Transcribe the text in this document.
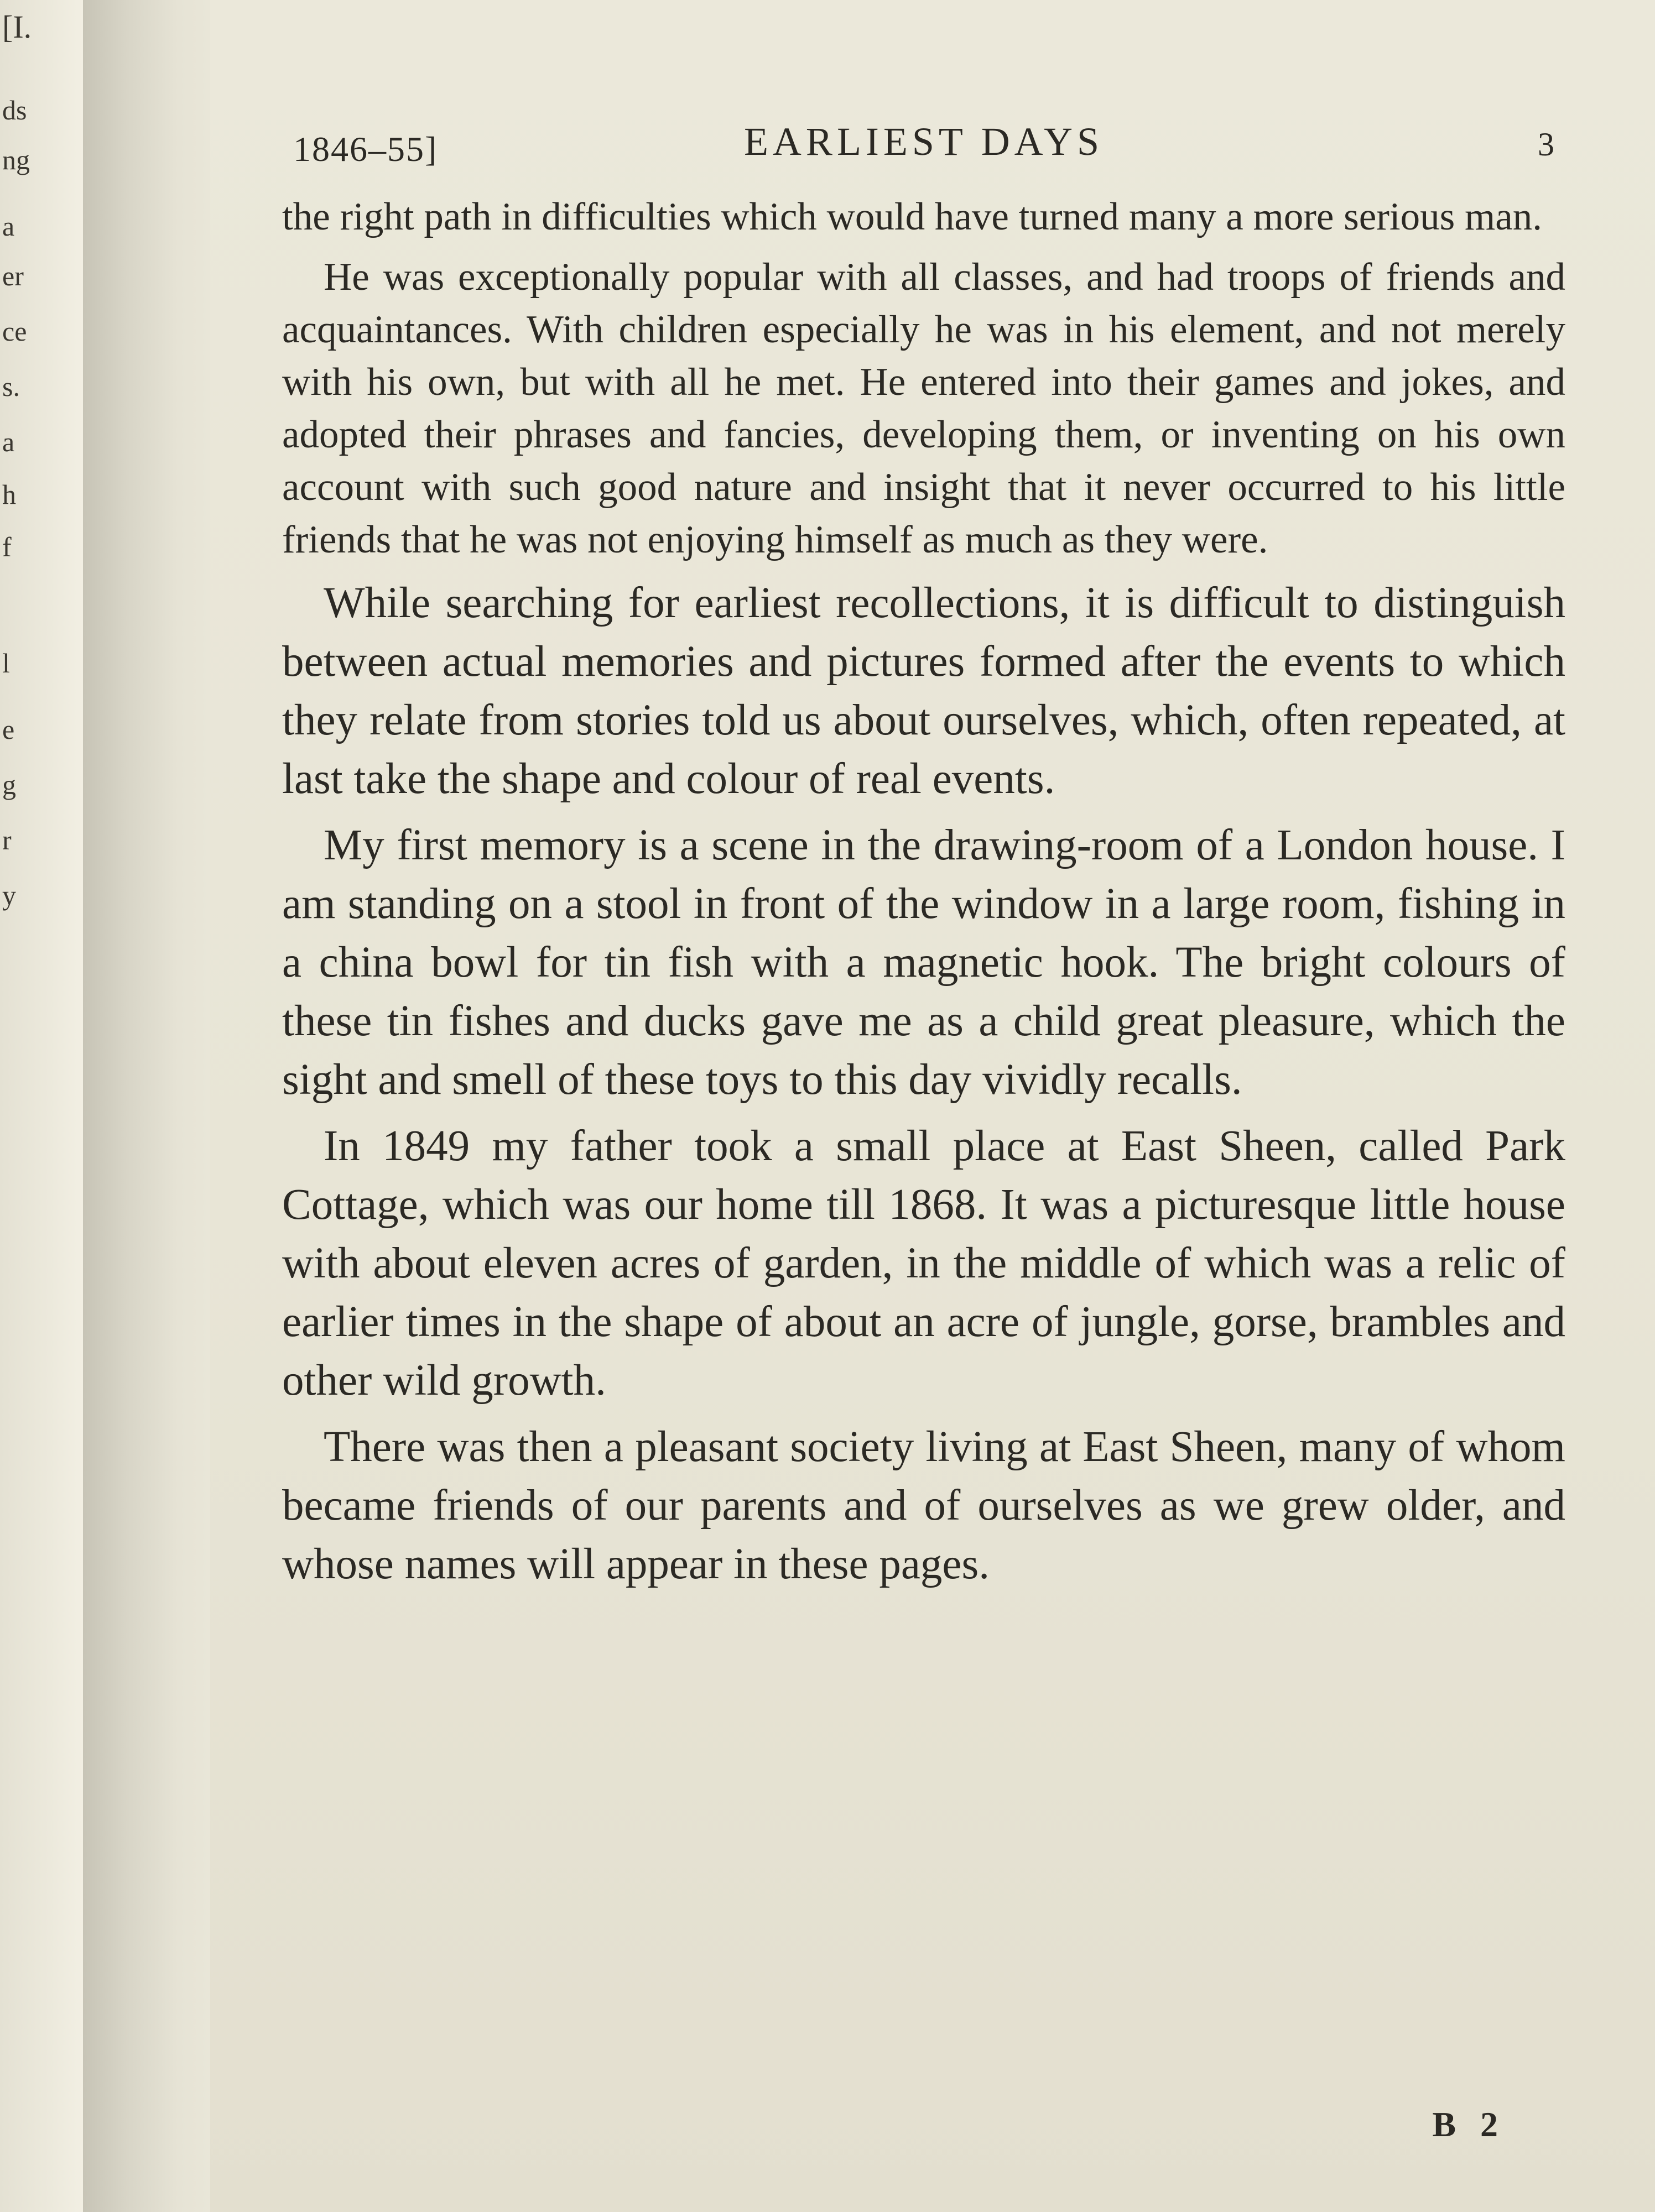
[I.
ds
ng
a
er
ce
s.
a
h
f
l
e
g
r
y
1846–55]	EARLIEST DAYS	3

the right path in difficulties which would have turned many a more serious man.

He was exceptionally popular with all classes, and had troops of friends and acquaintances. With children especially he was in his element, and not merely with his own, but with all he met. He entered into their games and jokes, and adopted their phrases and fancies, developing them, or inventing on his own account with such good nature and insight that it never occurred to his little friends that he was not enjoying himself as much as they were.

While searching for earliest recollections, it is difficult to distinguish between actual memories and pictures formed after the events to which they relate from stories told us about ourselves, which, often repeated, at last take the shape and colour of real events.

My first memory is a scene in the drawing-room of a London house. I am standing on a stool in front of the window in a large room, fishing in a china bowl for tin fish with a magnetic hook. The bright colours of these tin fishes and ducks gave me as a child great pleasure, which the sight and smell of these toys to this day vividly recalls.

In 1849 my father took a small place at East Sheen, called Park Cottage, which was our home till 1868. It was a picturesque little house with about eleven acres of garden, in the middle of which was a relic of earlier times in the shape of about an acre of jungle, gorse, brambles and other wild growth.

There was then a pleasant society living at East Sheen, many of whom became friends of our parents and of ourselves as we grew older, and whose names will appear in these pages.

B 2
